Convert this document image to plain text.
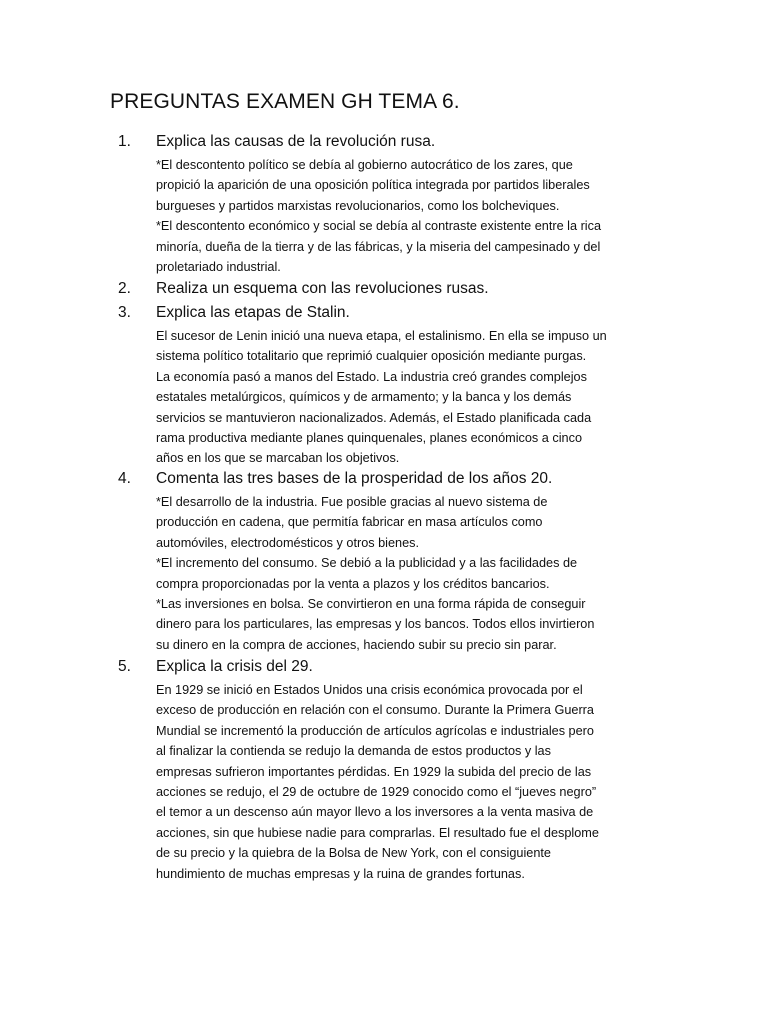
PREGUNTAS EXAMEN GH TEMA 6.
1. Explica las causas de la revolución rusa.
*El descontento político se debía al gobierno autocrático de los zares, que
propició la aparición de una oposición política integrada por partidos liberales
burgueses y partidos marxistas revolucionarios, como los bolcheviques.
*El descontento económico y social se debía al contraste existente entre la rica
minoría, dueña de la tierra y de las fábricas, y la miseria del campesinado y del
proletariado industrial.
2. Realiza un esquema con las revoluciones rusas.
3. Explica las etapas de Stalin.
El sucesor de Lenin inició una nueva etapa, el estalinismo. En ella se impuso un
sistema político totalitario que reprimió cualquier oposición mediante purgas.
La economía pasó a manos del Estado. La industria creó grandes complejos
estatales metalúrgicos, químicos y de armamento; y la banca y los demás
servicios se mantuvieron nacionalizados. Además, el Estado planificada cada
rama productiva mediante planes quinquenales, planes económicos a cinco
años en los que se marcaban los objetivos.
4. Comenta las tres bases de la prosperidad de los años 20.
*El desarrollo de la industria. Fue posible gracias al nuevo sistema de
producción en cadena, que permitía fabricar en masa artículos como
automóviles, electrodomésticos y otros bienes.
*El incremento del consumo. Se debió a la publicidad y a las facilidades de
compra proporcionadas por la venta a plazos y los créditos bancarios.
*Las inversiones en bolsa. Se convirtieron en una forma rápida de conseguir
dinero para los particulares, las empresas y los bancos. Todos ellos invirtieron
su dinero en la compra de acciones, haciendo subir su precio sin parar.
5. Explica la crisis del 29.
En 1929 se inició en Estados Unidos una crisis económica provocada por el
exceso de producción en relación con el consumo. Durante la Primera Guerra
Mundial se incrementó la producción de artículos agrícolas e industriales pero
al finalizar la contienda se redujo la demanda de estos productos y las
empresas sufrieron importantes pérdidas. En 1929 la subida del precio de las
acciones se redujo, el 29 de octubre de 1929 conocido como el “jueves negro”
el temor a un descenso aún mayor llevo a los inversores a la venta masiva de
acciones, sin que hubiese nadie para comprarlas. El resultado fue el desplome
de su precio y la quiebra de la Bolsa de New York, con el consiguiente
hundimiento de muchas empresas y la ruina de grandes fortunas.
